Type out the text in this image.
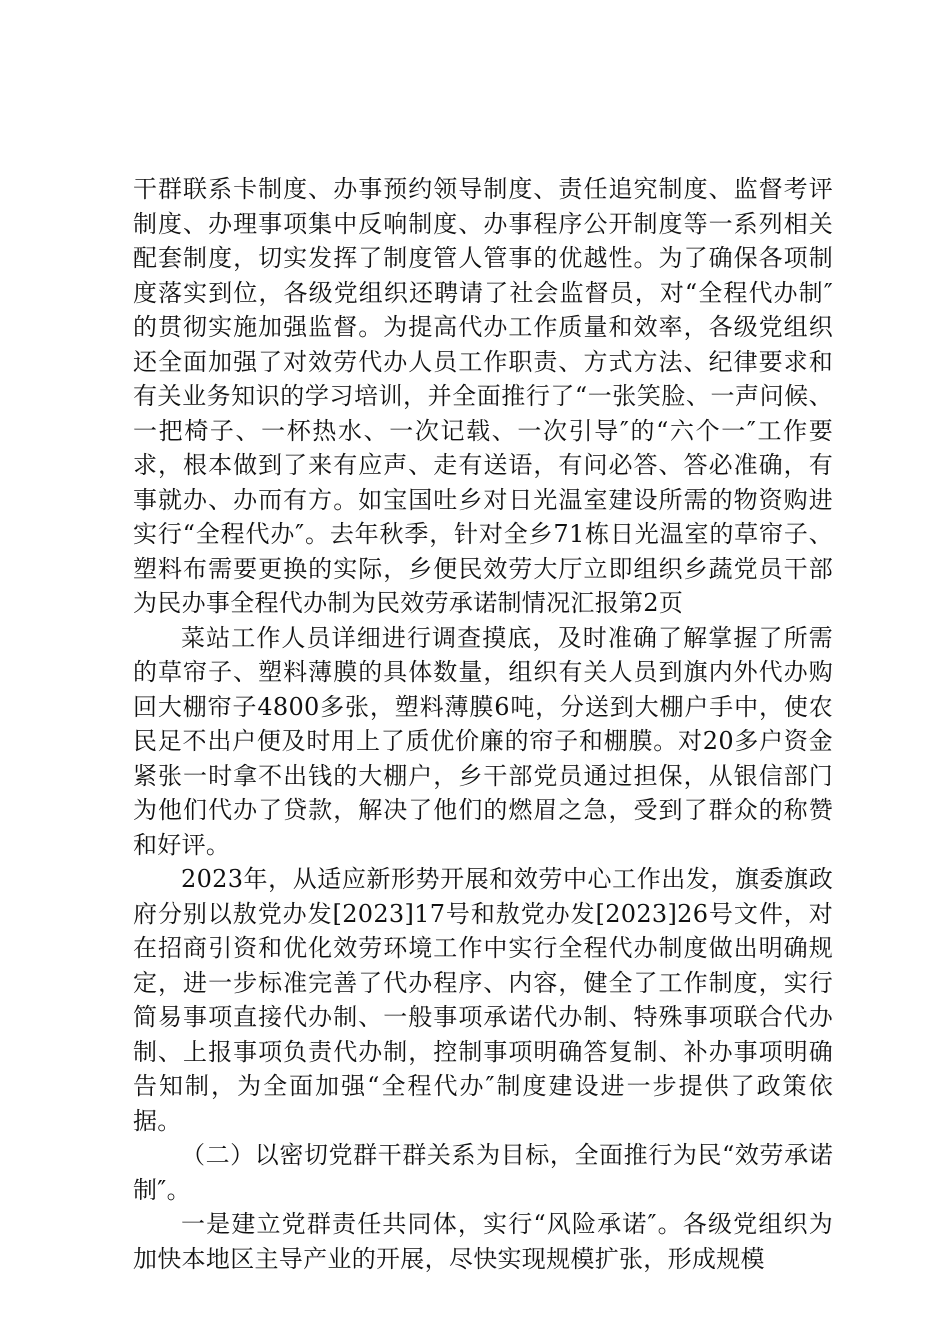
干群联系卡制度、办事预约领导制度、责任追究制度、监督考评制度、办理事项集中反响制度、办事程序公开制度等一系列相关配套制度，切实发挥了制度管人管事的优越性。为了确保各项制度落实到位，各级党组织还聘请了社会监督员，对“全程代办制″的贯彻实施加强监督。为提高代办工作质量和效率，各级党组织还全面加强了对效劳代办人员工作职责、方式方法、纪律要求和有关业务知识的学习培训，并全面推行了“一张笑脸、一声问候、一把椅子、一杯热水、一次记载、一次引导″的“六个一″工作要求，根本做到了来有应声、走有送语，有问必答、答必准确，有事就办、办而有方。如宝国吐乡对日光温室建设所需的物资购进实行“全程代办″。去年秋季，针对全乡71栋日光温室的草帘子、塑料布需要更换的实际，乡便民效劳大厅立即组织乡蔬党员干部为民办事全程代办制为民效劳承诺制情况汇报第2页

菜站工作人员详细进行调查摸底，及时准确了解掌握了所需的草帘子、塑料薄膜的具体数量，组织有关人员到旗内外代办购回大棚帘子4800多张，塑料薄膜6吨，分送到大棚户手中，使农民足不出户便及时用上了质优价廉的帘子和棚膜。对20多户资金紧张一时拿不出钱的大棚户，乡干部党员通过担保，从银信部门为他们代办了贷款，解决了他们的燃眉之急，受到了群众的称赞和好评。

2023年，从适应新形势开展和效劳中心工作出发，旗委旗政府分别以敖党办发[2023]17号和敖党办发[2023]26号文件，对在招商引资和优化效劳环境工作中实行全程代办制度做出明确规定，进一步标准完善了代办程序、内容，健全了工作制度，实行简易事项直接代办制、一般事项承诺代办制、特殊事项联合代办制、上报事项负责代办制，控制事项明确答复制、补办事项明确告知制，为全面加强“全程代办″制度建设进一步提供了政策依据。

（二）以密切党群干群关系为目标，全面推行为民“效劳承诺制″。

一是建立党群责任共同体，实行“风险承诺″。各级党组织为加快本地区主导产业的开展，尽快实现规模扩张，形成规模
